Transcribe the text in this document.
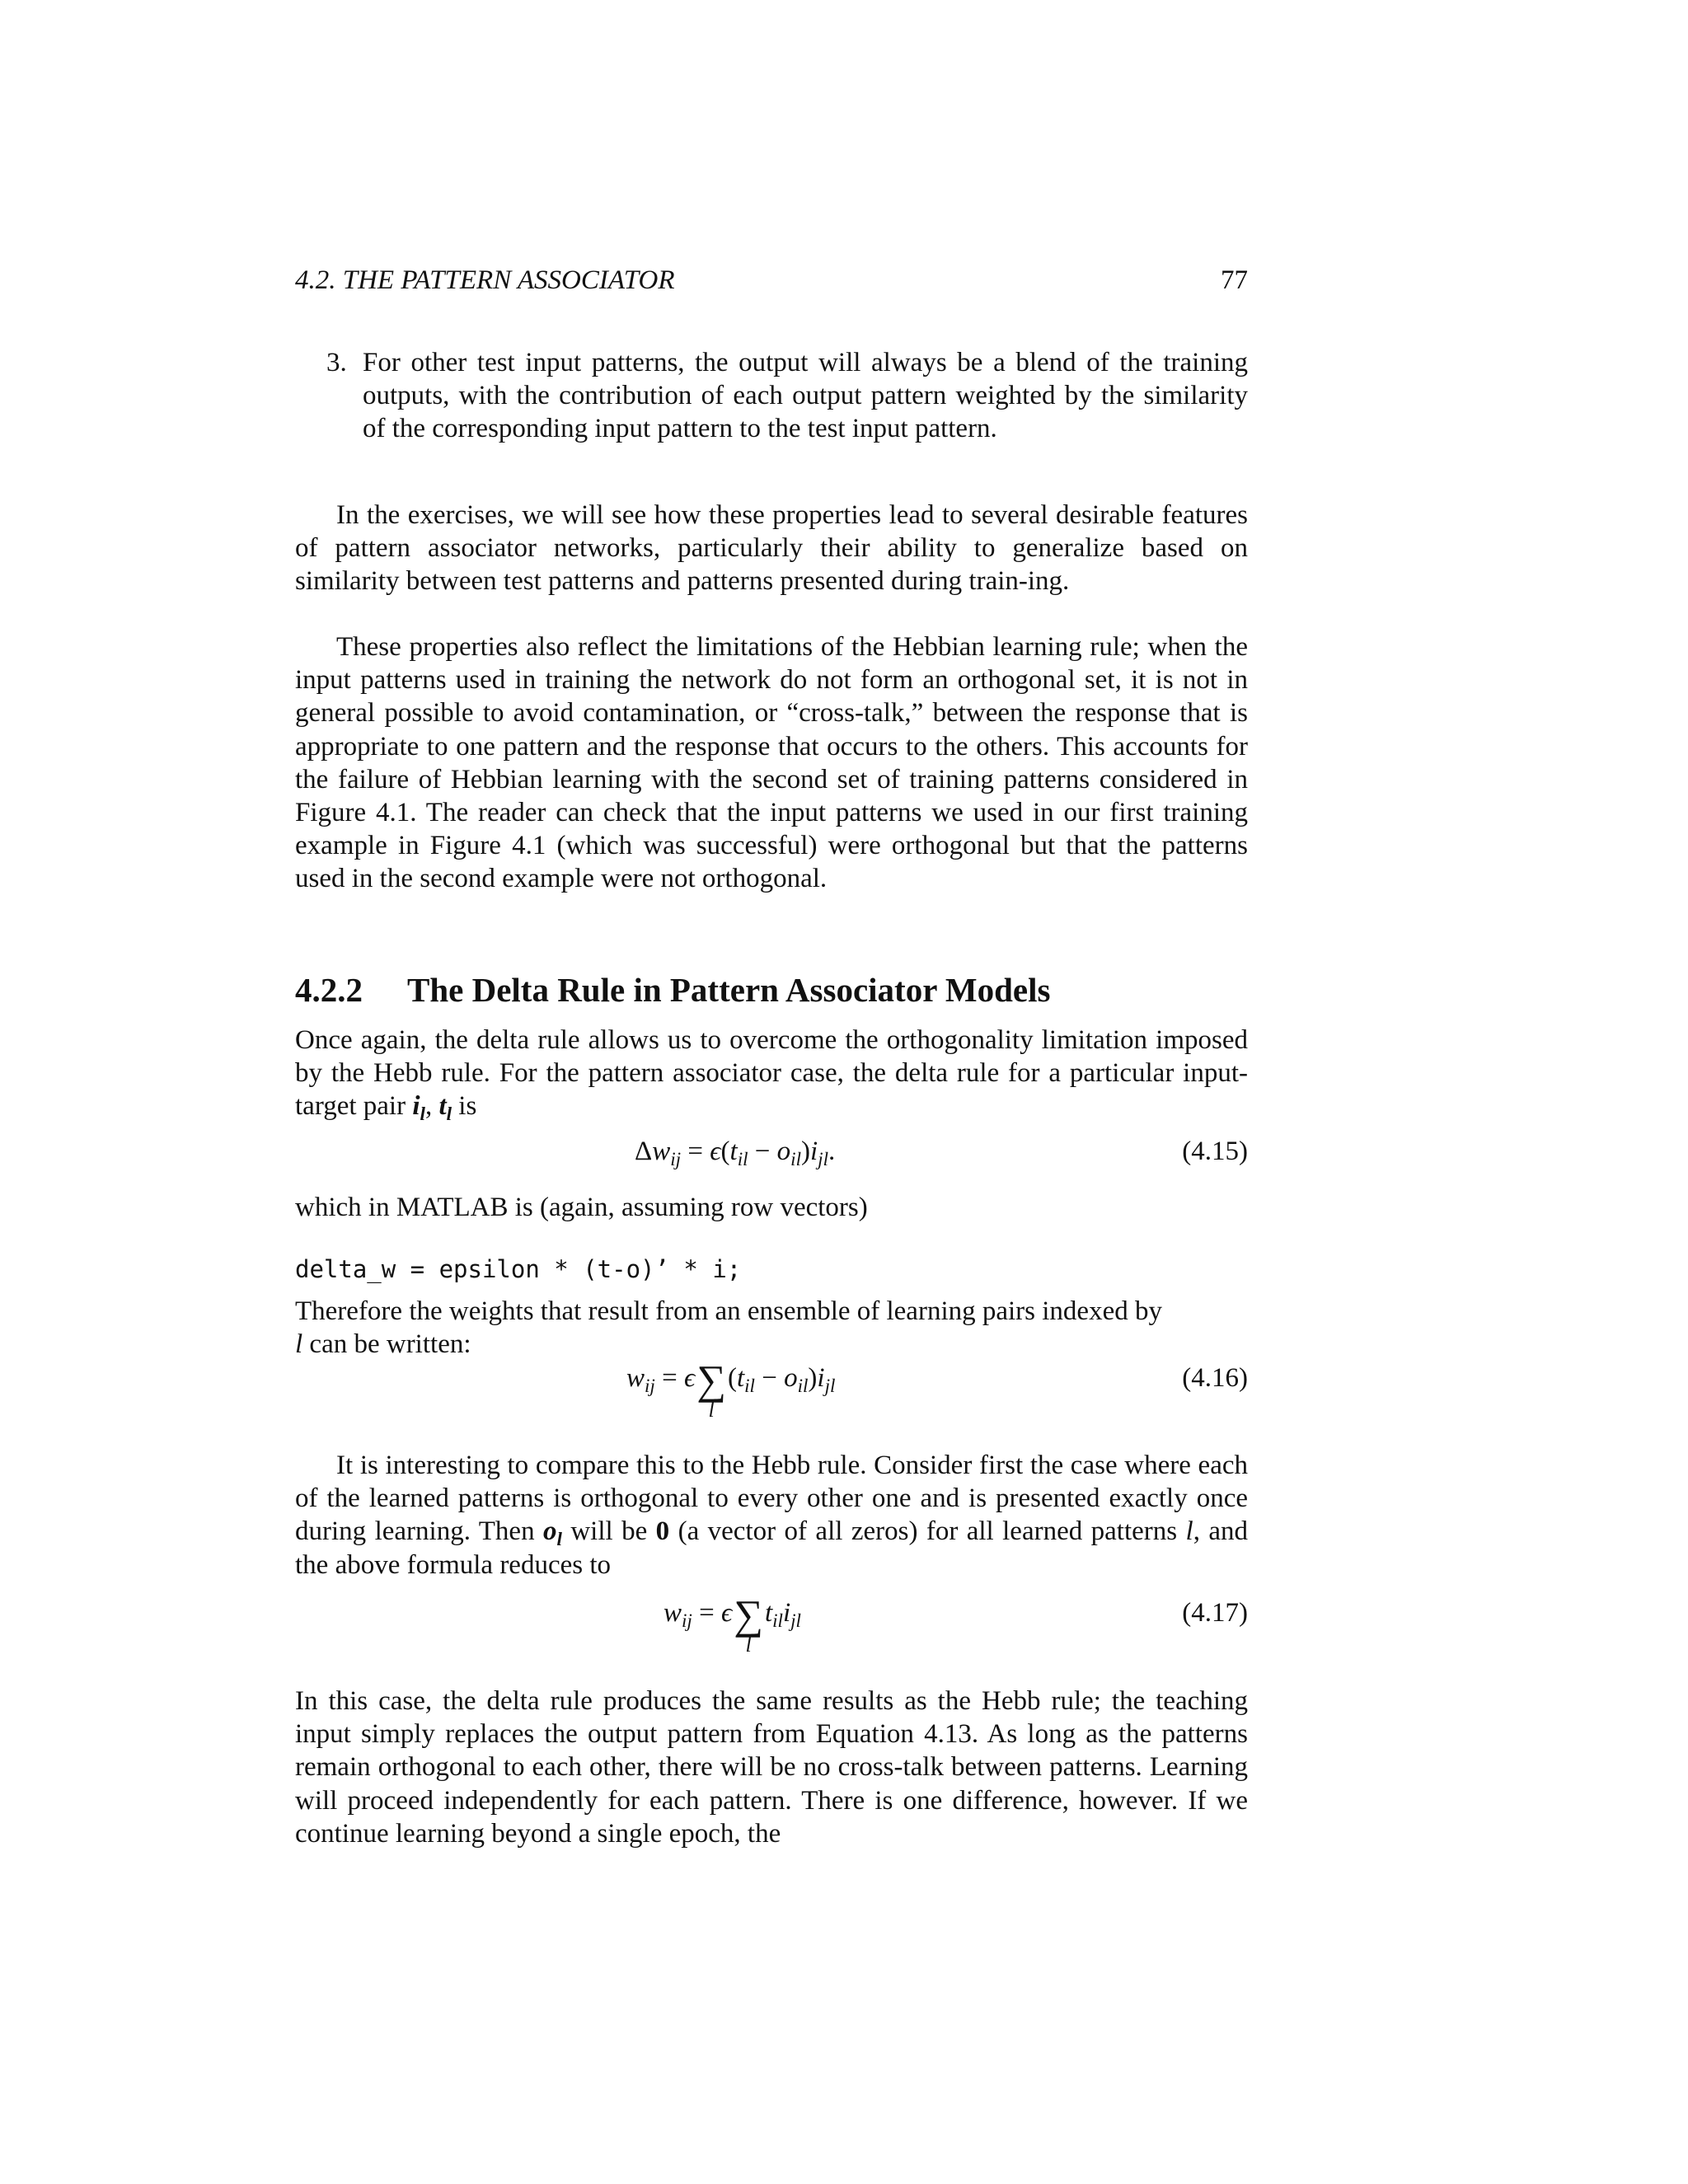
4.2. THE PATTERN ASSOCIATOR	77
3. For other test input patterns, the output will always be a blend of the training outputs, with the contribution of each output pattern weighted by the similarity of the corresponding input pattern to the test input pattern.
In the exercises, we will see how these properties lead to several desirable features of pattern associator networks, particularly their ability to generalize based on similarity between test patterns and patterns presented during train-ing.
These properties also reflect the limitations of the Hebbian learning rule; when the input patterns used in training the network do not form an orthogonal set, it is not in general possible to avoid contamination, or “cross-talk,” between the response that is appropriate to one pattern and the response that occurs to the others. This accounts for the failure of Hebbian learning with the second set of training patterns considered in Figure 4.1. The reader can check that the input patterns we used in our first training example in Figure 4.1 (which was successful) were orthogonal but that the patterns used in the second example were not orthogonal.
4.2.2 The Delta Rule in Pattern Associator Models
Once again, the delta rule allows us to overcome the orthogonality limitation imposed by the Hebb rule. For the pattern associator case, the delta rule for a particular input-target pair $i_l$, $t_l$ is
$\Delta w_{ij} = \epsilon(t_{il} - o_{il})i_{jl}$.	(4.15)
which in MATLAB is (again, assuming row vectors)
delta_w = epsilon * (t-o)’ * i;
Therefore the weights that result from an ensemble of learning pairs indexed by
l can be written:
$w_{ij} = \epsilon\sum$
l
$(t_{il} - o_{il})i_{jl}$	(4.16)
It is interesting to compare this to the Hebb rule. Consider first the case where each of the learned patterns is orthogonal to every other one and is presented exactly once during learning. Then $o_l$ will be 0 (a vector of all zeros) for all learned patterns l, and the above formula reduces to
$w_{ij} = \epsilon\sum$
l
$t_{il}i_{jl}$	(4.17)
In this case, the delta rule produces the same results as the Hebb rule; the teaching input simply replaces the output pattern from Equation 4.13. As long as the patterns remain orthogonal to each other, there will be no cross-talk between patterns. Learning will proceed independently for each pattern. There is one difference, however. If we continue learning beyond a single epoch, the
